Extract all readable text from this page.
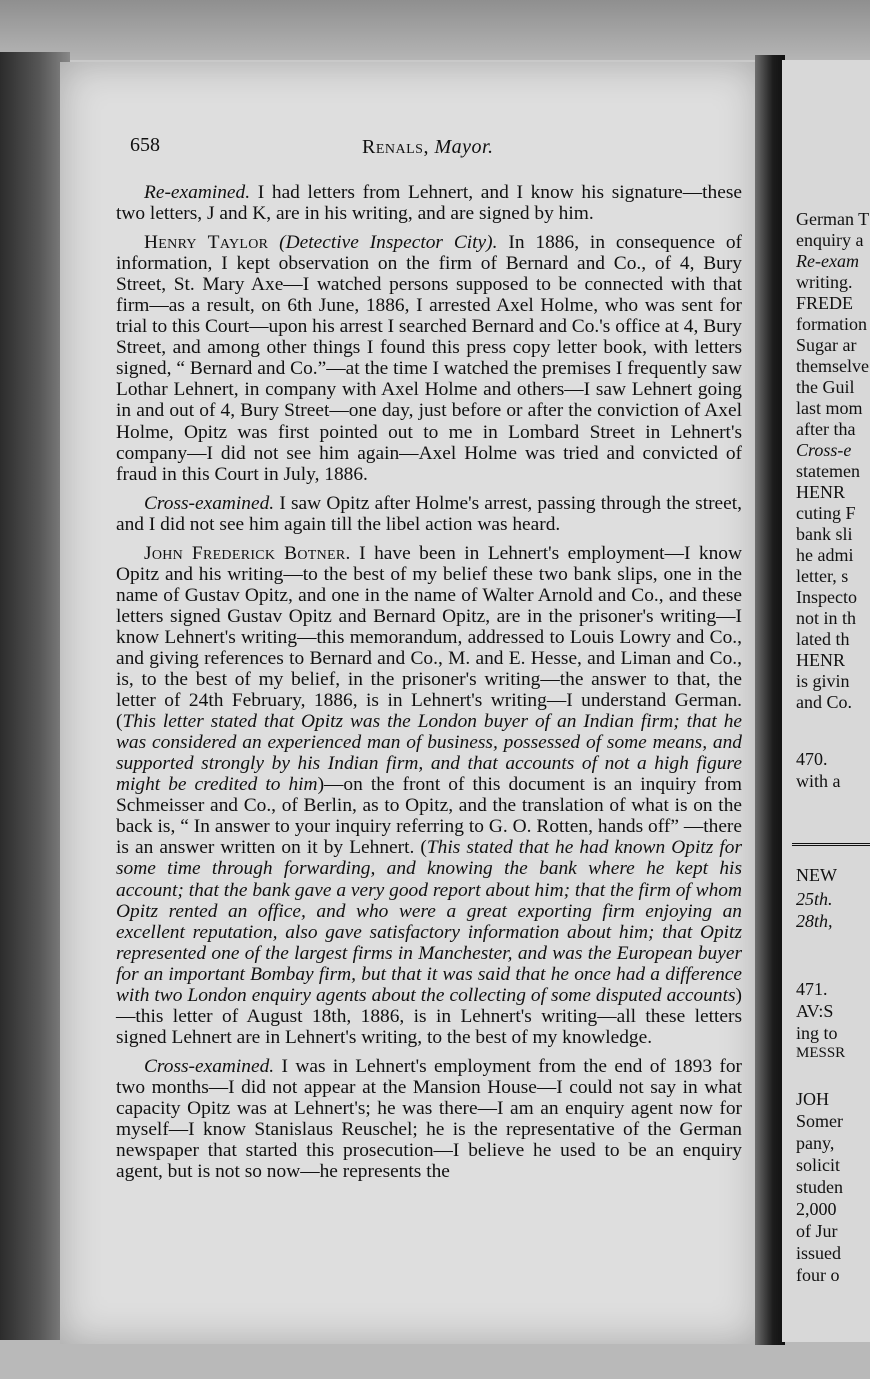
658	Renals, Mayor.

Re-examined. I had letters from Lehnert, and I know his signature—these two letters, J and K, are in his writing, and are signed by him.

Henry Taylor (Detective Inspector City). In 1886, in consequence of information, I kept observation on the firm of Bernard and Co., of 4, Bury Street, St. Mary Axe—I watched persons supposed to be connected with that firm—as a result, on 6th June, 1886, I arrested Axel Holme, who was sent for trial to this Court—upon his arrest I searched Bernard and Co.'s office at 4, Bury Street, and among other things I found this press copy letter book, with letters signed, “ Bernard and Co.”—at the time I watched the premises I frequently saw Lothar Lehnert, in company with Axel Holme and others—I saw Lehnert going in and out of 4, Bury Street—one day, just before or after the conviction of Axel Holme, Opitz was first pointed out to me in Lombard Street in Lehnert's company—I did not see him again—Axel Holme was tried and convicted of fraud in this Court in July, 1886.

Cross-examined. I saw Opitz after Holme's arrest, passing through the street, and I did not see him again till the libel action was heard.

John Frederick Botner. I have been in Lehnert's employment—I know Opitz and his writing—to the best of my belief these two bank slips, one in the name of Gustav Opitz, and one in the name of Walter Arnold and Co., and these letters signed Gustav Opitz and Bernard Opitz, are in the prisoner's writing—I know Lehnert's writing—this memorandum, addressed to Louis Lowry and Co., and giving references to Bernard and Co., M. and E. Hesse, and Liman and Co., is, to the best of my belief, in the prisoner's writing—the answer to that, the letter of 24th February, 1886, is in Lehnert's writing—I understand German. (This letter stated that Opitz was the London buyer of an Indian firm; that he was considered an experienced man of business, possessed of some means, and supported strongly by his Indian firm, and that accounts of not a high figure might be credited to him)—on the front of this document is an inquiry from Schmeisser and Co., of Berlin, as to Opitz, and the translation of what is on the back is, “ In answer to your inquiry referring to G. O. Rotten, hands off” —there is an answer written on it by Lehnert. (This stated that he had known Opitz for some time through forwarding, and knowing the bank where he kept his account; that the bank gave a very good report about him; that the firm of whom Opitz rented an office, and who were a great exporting firm enjoying an excellent reputation, also gave satisfactory information about him; that Opitz represented one of the largest firms in Manchester, and was the European buyer for an important Bombay firm, but that it was said that he once had a difference with two London enquiry agents about the collecting of some disputed accounts)—this letter of August 18th, 1886, is in Lehnert's writing—all these letters signed Lehnert are in Lehnert's writing, to the best of my knowledge.

Cross-examined. I was in Lehnert's employment from the end of 1893 for two months—I did not appear at the Mansion House—I could not say in what capacity Opitz was at Lehnert's; he was there—I am an enquiry agent now for myself—I know Stanislaus Reuschel; he is the representative of the German newspaper that started this prosecution—I believe he used to be an enquiry agent, but is not so now—he represents the

German T
enquiry a
Re-exam
writing.
FREDE
formation
Sugar ar
themselve
the Guil
last mom
after tha
Cross-e
statemen
HENR
cuting F
bank sli
he admi
letter, s
Inspecto
not in th
lated th
HENR
is givin
and Co.
470.
with a
NEW
25th.
28th,
471.
AV:S
ing to
MESSR
JOH
Somer
pany,
solicit
studen
2,000
of Jur
issued
four o
